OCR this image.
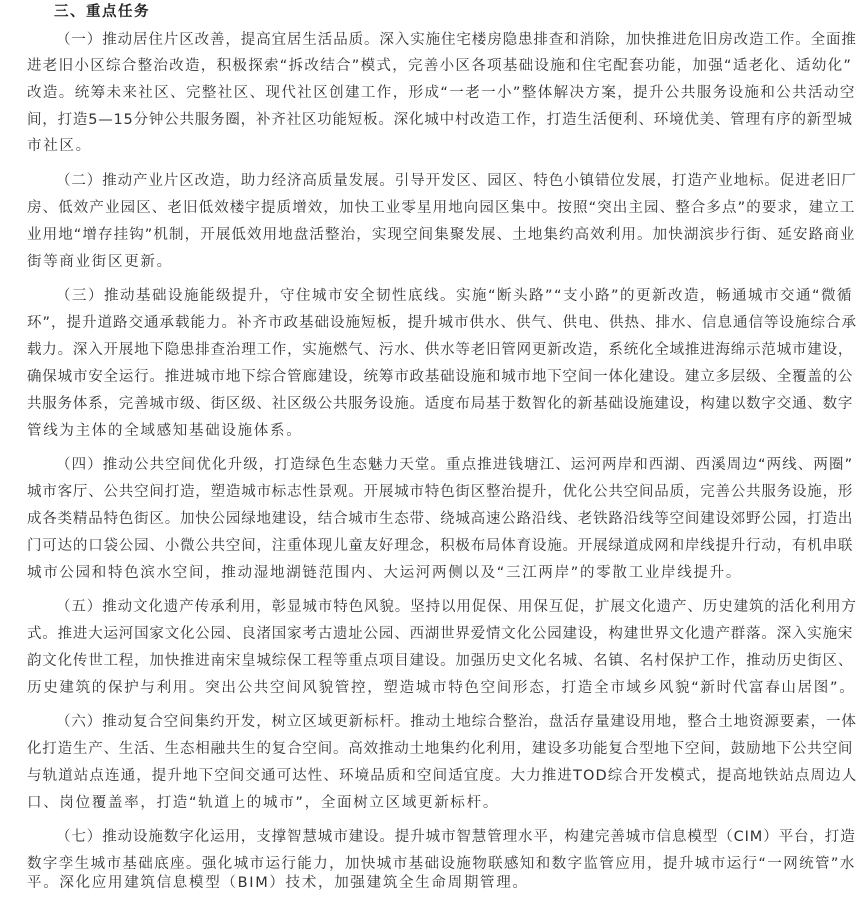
三、重点任务
（一）推动居住片区改善，提高宜居生活品质。深入实施住宅楼房隐患排查和消除，加快推进危旧房改造工作。全面推
进老旧小区综合整治改造，积极探索“拆改结合”模式，完善小区各项基础设施和住宅配套功能，加强“适老化、适幼化”
改造。统筹未来社区、完整社区、现代社区创建工作，形成“一老一小”整体解决方案，提升公共服务设施和公共活动空
间，打造5—15分钟公共服务圈，补齐社区功能短板。深化城中村改造工作，打造生活便利、环境优美、管理有序的新型城
市社区。
（二）推动产业片区改造，助力经济高质量发展。引导开发区、园区、特色小镇错位发展，打造产业地标。促进老旧厂
房、低效产业园区、老旧低效楼宇提质增效，加快工业零星用地向园区集中。按照“突出主园、整合多点”的要求，建立工
业用地“增存挂钩”机制，开展低效用地盘活整治，实现空间集聚发展、土地集约高效利用。加快湖滨步行街、延安路商业
街等商业街区更新。
（三）推动基础设施能级提升，守住城市安全韧性底线。实施“断头路”“支小路”的更新改造，畅通城市交通“微循
环”，提升道路交通承载能力。补齐市政基础设施短板，提升城市供水、供气、供电、供热、排水、信息通信等设施综合承
载力。深入开展地下隐患排查治理工作，实施燃气、污水、供水等老旧管网更新改造，系统化全域推进海绵示范城市建设，
确保城市安全运行。推进城市地下综合管廊建设，统筹市政基础设施和城市地下空间一体化建设。建立多层级、全覆盖的公
共服务体系，完善城市级、街区级、社区级公共服务设施。适度布局基于数智化的新基础设施建设，构建以数字交通、数字
管线为主体的全域感知基础设施体系。
（四）推动公共空间优化升级，打造绿色生态魅力天堂。重点推进钱塘江、运河两岸和西湖、西溪周边“两线、两圈”
城市客厅、公共空间打造，塑造城市标志性景观。开展城市特色街区整治提升，优化公共空间品质，完善公共服务设施，形
成各类精品特色街区。加快公园绿地建设，结合城市生态带、绕城高速公路沿线、老铁路沿线等空间建设郊野公园，打造出
门可达的口袋公园、小微公共空间，注重体现儿童友好理念，积极布局体育设施。开展绿道成网和岸线提升行动，有机串联
城市公园和特色滨水空间，推动湿地湖链范围内、大运河两侧以及“三江两岸”的零散工业岸线提升。
（五）推动文化遗产传承利用，彰显城市特色风貌。坚持以用促保、用保互促，扩展文化遗产、历史建筑的活化利用方
式。推进大运河国家文化公园、良渚国家考古遗址公园、西湖世界爱情文化公园建设，构建世界文化遗产群落。深入实施宋
韵文化传世工程，加快推进南宋皇城综保工程等重点项目建设。加强历史文化名城、名镇、名村保护工作，推动历史街区、
历史建筑的保护与利用。突出公共空间风貌管控，塑造城市特色空间形态，打造全市域乡风貌“新时代富春山居图”。
（六）推动复合空间集约开发，树立区域更新标杆。推动土地综合整治，盘活存量建设用地，整合土地资源要素，一体
化打造生产、生活、生态相融共生的复合空间。高效推动土地集约化利用，建设多功能复合型地下空间，鼓励地下公共空间
与轨道站点连通，提升地下空间交通可达性、环境品质和空间适宜度。大力推进TOD综合开发模式，提高地铁站点周边人
口、岗位覆盖率，打造“轨道上的城市”，全面树立区域更新标杆。
（七）推动设施数字化运用，支撑智慧城市建设。提升城市智慧管理水平，构建完善城市信息模型（CIM）平台，打造
数字孪生城市基础底座。强化城市运行能力，加快城市基础设施物联感知和数字监管应用，提升城市运行“一网统管”水
平。深化应用建筑信息模型（BIM）技术，加强建筑全生命周期管理。
